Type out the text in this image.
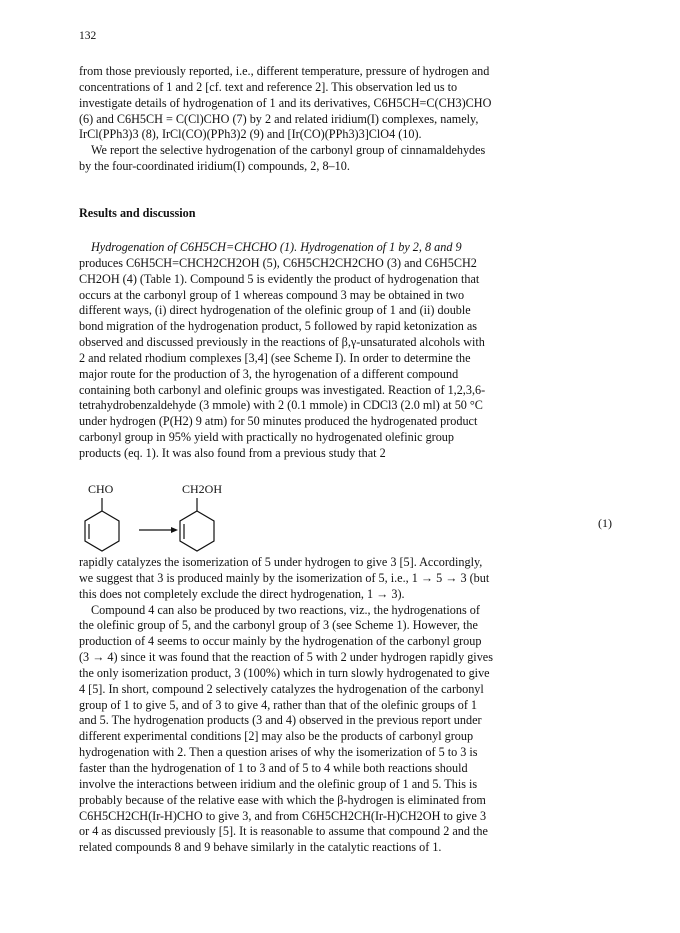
132
from those previously reported, i.e., different temperature, pressure of hydrogen and
concentrations of 1 and 2 [cf. text and reference 2]. This observation led us to
investigate details of hydrogenation of 1 and its derivatives, C6H5CH=C(CH3)CHO
(6) and C6H5CH = C(Cl)CHO (7) by 2 and related iridium(I) complexes, namely,
IrCl(PPh3)3 (8), IrCl(CO)(PPh3)2 (9) and [Ir(CO)(PPh3)3]ClO4 (10).
We report the selective hydrogenation of the carbonyl group of cinnamaldehydes
by the four-coordinated iridium(I) compounds, 2, 8–10.
Results and discussion
Hydrogenation of C6H5CH=CHCHO (1). Hydrogenation of 1 by 2, 8 and 9
produces C6H5CH=CHCH2CH2OH (5), C6H5CH2CH2CHO (3) and C6H5CH2
CH2OH (4) (Table 1). Compound 5 is evidently the product of hydrogenation that
occurs at the carbonyl group of 1 whereas compound 3 may be obtained in two
different ways, (i) direct hydrogenation of the olefinic group of 1 and (ii) double
bond migration of the hydrogenation product, 5 followed by rapid ketonization as
observed and discussed previously in the reactions of β,γ-unsaturated alcohols with
2 and related rhodium complexes [3,4] (see Scheme I). In order to determine the
major route for the production of 3, the hyrogenation of a different compound
containing both carbonyl and olefinic groups was investigated. Reaction of 1,2,3,6-
tetrahydrobenzaldehyde (3 mmole) with 2 (0.1 mmole) in CDCl3 (2.0 ml) at 50 °C
under hydrogen (P(H2) 9 atm) for 50 minutes produced the hydrogenated product
carbonyl group in 95% yield with practically no hydrogenated olefinic group
products (eq. 1). It was also found from a previous study that 2
CHO	CH2OH
(1)
rapidly catalyzes the isomerization of 5 under hydrogen to give 3 [5]. Accordingly,
we suggest that 3 is produced mainly by the isomerization of 5, i.e., 1 → 5 → 3 (but
this does not completely exclude the direct hydrogenation, 1 → 3).
Compound 4 can also be produced by two reactions, viz., the hydrogenations of
the olefinic group of 5, and the carbonyl group of 3 (see Scheme 1). However, the
production of 4 seems to occur mainly by the hydrogenation of the carbonyl group
(3 → 4) since it was found that the reaction of 5 with 2 under hydrogen rapidly gives
the only isomerization product, 3 (100%) which in turn slowly hydrogenated to give
4 [5]. In short, compound 2 selectively catalyzes the hydrogenation of the carbonyl
group of 1 to give 5, and of 3 to give 4, rather than that of the olefinic groups of 1
and 5. The hydrogenation products (3 and 4) observed in the previous report under
different experimental conditions [2] may also be the products of carbonyl group
hydrogenation with 2. Then a question arises of why the isomerization of 5 to 3 is
faster than the hydrogenation of 1 to 3 and of 5 to 4 while both reactions should
involve the interactions between iridium and the olefinic group of 1 and 5. This is
probably because of the relative ease with which the β-hydrogen is eliminated from
C6H5CH2CH(Ir-H)CHO to give 3, and from C6H5CH2CH(Ir-H)CH2OH to give 3
or 4 as discussed previously [5]. It is reasonable to assume that compound 2 and the
related compounds 8 and 9 behave similarly in the catalytic reactions of 1.
